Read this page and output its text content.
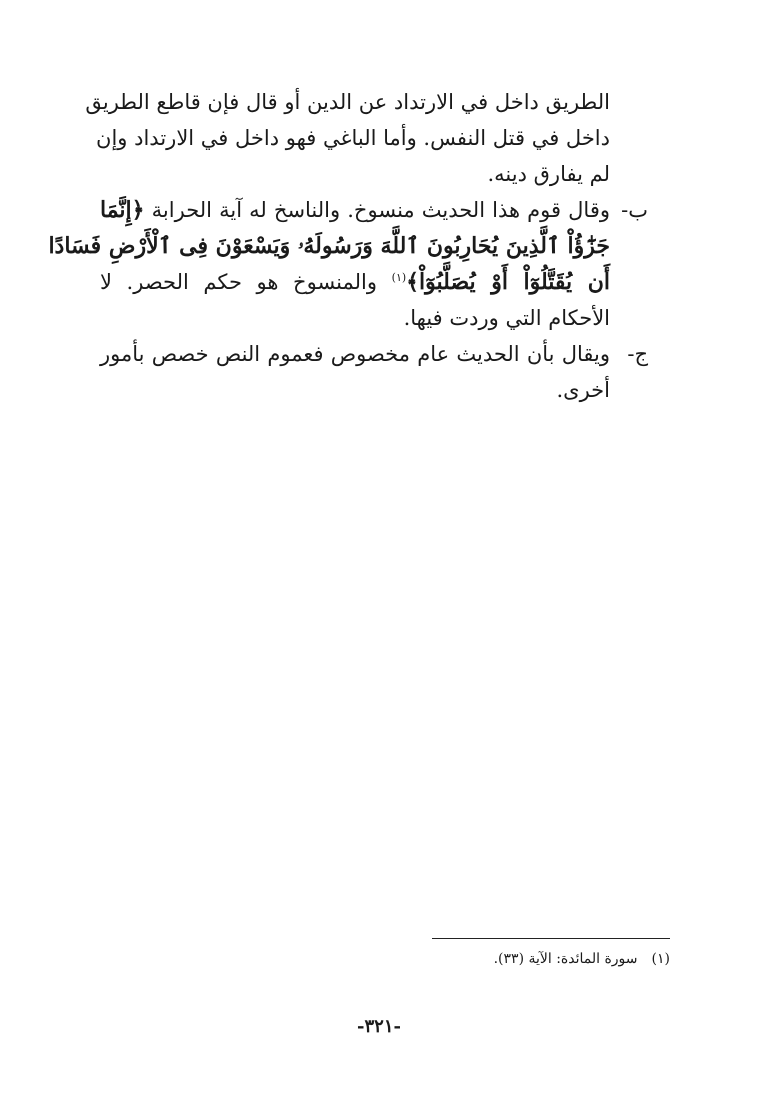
الطريق داخل في الارتداد عن الدين أو قال فإن قاطع الطريق
داخل في قتل النفس. وأما الباغي فهو داخل في الارتداد وإن
لم يفارق دينه.
ب-
وقال قوم هذا الحديث منسوخ. والناسخ له آية الحرابة ﴿إِنَّمَا
جَزَٰٓؤُاْ ٱلَّذِينَ يُحَارِبُونَ ٱللَّهَ وَرَسُولَهُۥ وَيَسْعَوْنَ فِى ٱلْأَرْضِ فَسَادًا
أَن يُقَتَّلُوٓاْ أَوْ يُصَلَّبُوٓاْ﴾$^{(١)}$ والمنسوخ هو حكم الحصر. لا
الأحكام التي وردت فيها.
ج-
ويقال بأن الحديث عام مخصوص فعموم النص خصص بأمور
أخرى.
(١)سورة المائدة: الآية (٣٣).
-٣٢١-
